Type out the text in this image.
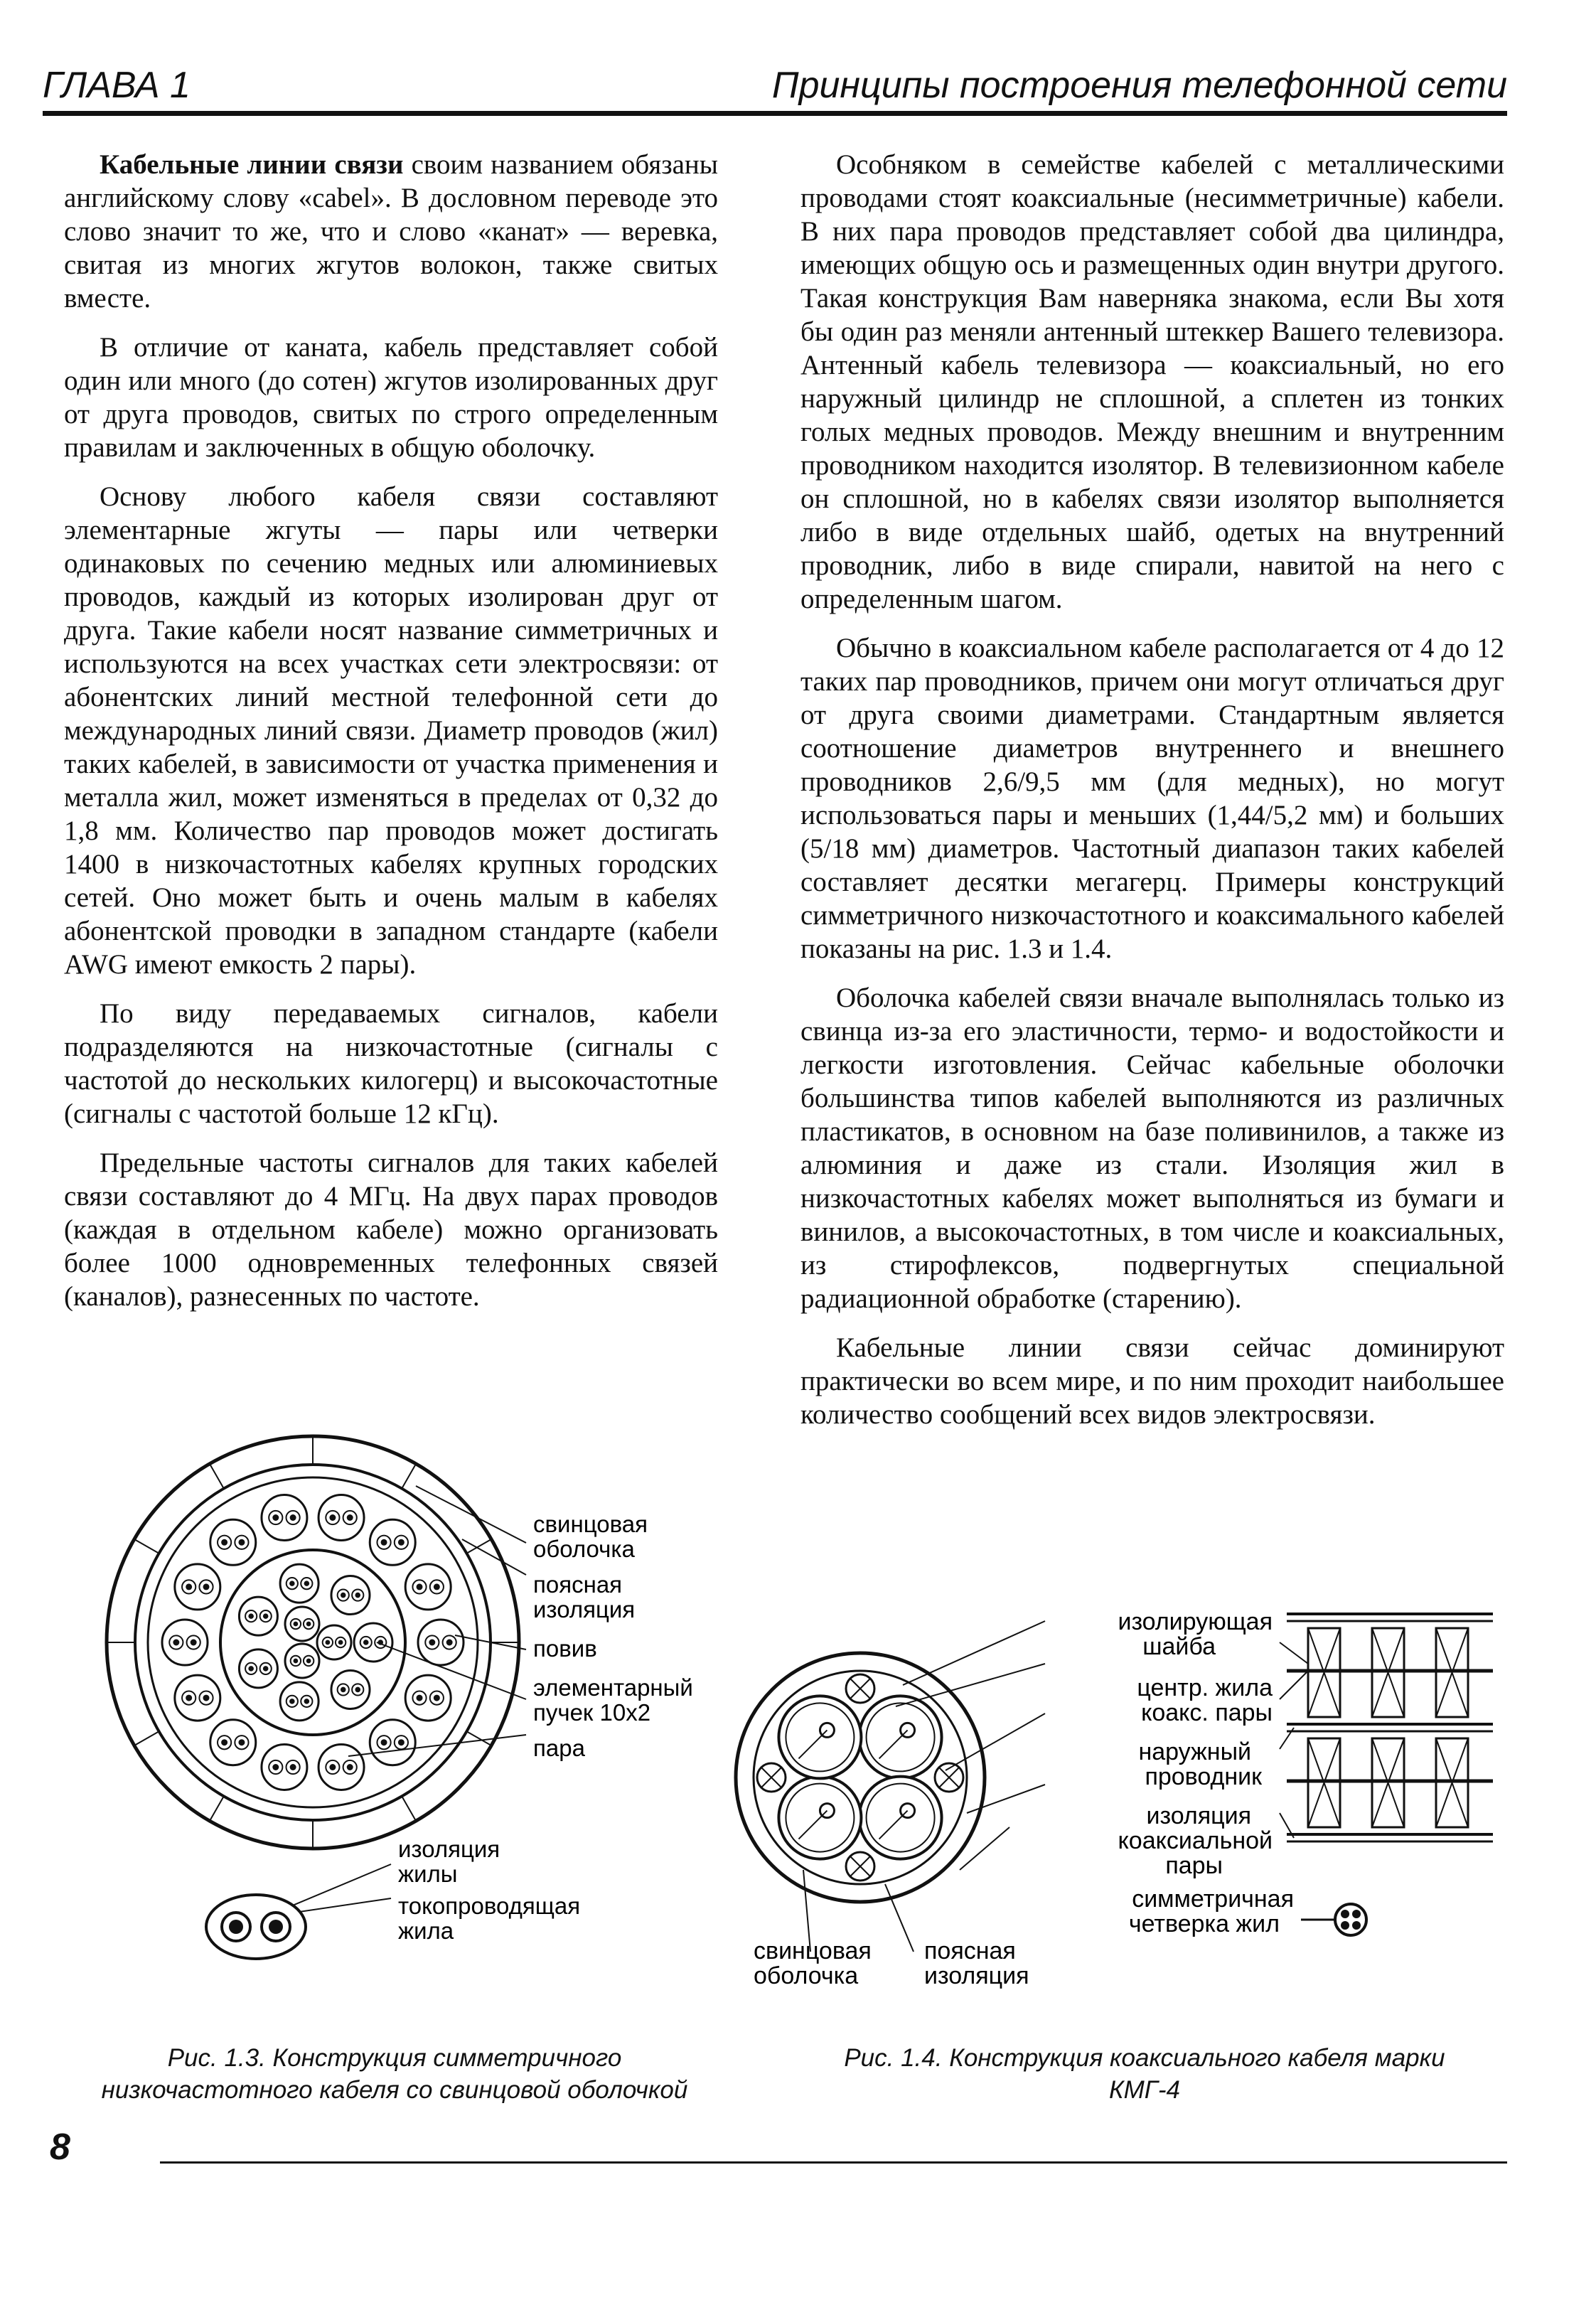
ГЛАВА 1	Принципы построения телефонной сети

Кабельные линии связи своим названием обязаны английскому слову «cabel». В дословном переводе это слово значит то же, что и слово «канат» — веревка, свитая из многих жгутов волокон, также свитых вместе.

В отличие от каната, кабель представляет собой один или много (до сотен) жгутов изолированных друг от друга проводов, свитых по строго определенным правилам и заключенных в общую оболочку.

Основу любого кабеля связи составляют элементарные жгуты — пары или четверки одинаковых по сечению медных или алюминиевых проводов, каждый из которых изолирован друг от друга. Такие кабели носят название симметричных и используются на всех участках сети электросвязи: от абонентских линий местной телефонной сети до международных линий связи. Диаметр проводов (жил) таких кабелей, в зависимости от участка применения и металла жил, может изменяться в пределах от 0,32 до 1,8 мм. Количество пар проводов может достигать 1400 в низкочастотных кабелях крупных городских сетей. Оно может быть и очень малым в кабелях абонентской проводки в западном стандарте (кабели AWG имеют емкость 2 пары).

По виду передаваемых сигналов, кабели подразделяются на низкочастотные (сигналы с частотой до нескольких килогерц) и высокочастотные (сигналы с частотой больше 12 кГц).

Предельные частоты сигналов для таких кабелей связи составляют до 4 МГц. На двух парах проводов (каждая в отдельном кабеле) можно организовать более 1000 одновременных телефонных связей (каналов), разнесенных по частоте.

Особняком в семействе кабелей с металлическими проводами стоят коаксиальные (несимметричные) кабели. В них пара проводов представляет собой два цилиндра, имеющих общую ось и размещенных один внутри другого. Такая конструкция Вам наверняка знакома, если Вы хотя бы один раз меняли антенный штеккер Вашего телевизора. Антенный кабель телевизора — коаксиальный, но его наружный цилиндр не сплошной, а сплетен из тонких голых медных проводов. Между внешним и внутренним проводником находится изолятор. В телевизионном кабеле он сплошной, но в кабелях связи изолятор выполняется либо в виде отдельных шайб, одетых на внутренний проводник, либо в виде спирали, навитой на него с определенным шагом.

Обычно в коаксиальном кабеле располагается от 4 до 12 таких пар проводников, причем они могут отличаться друг от друга своими диаметрами. Стандартным является соотношение диаметров внутреннего и внешнего проводников 2,6/9,5 мм (для медных), но могут использоваться пары и меньших (1,44/5,2 мм) и больших (5/18 мм) диаметров. Частотный диапазон таких кабелей составляет десятки мегагерц. Примеры конструкций симметричного низкочастотного и коаксимального кабелей показаны на рис. 1.3 и 1.4.

Оболочка кабелей связи вначале выполнялась только из свинца из-за его эластичности, термо- и водостойкости и легкости изготовления. Сейчас кабельные оболочки большинства типов кабелей выполняются из различных пластикатов, в основном на базе поливинилов, а также из алюминия и даже из стали. Изоляция жил в низкочастотных кабелях может выполняться из бумаги и винилов, а высокочастотных, в том числе и коаксиальных, из стирофлексов, подвергнутых специальной радиационной обработке (старению).

Кабельные линии связи сейчас доминируют практически во всем мире, и по ним проходит наибольшее количество сообщений всех видов электросвязи.

свинцовая
оболочка
поясная
изоляция
повив
элементарный
пучек 10x2
пара
изоляция
жилы
токопроводящая
жила
Рис. 1.3. Конструкция симметричного
низкочастотного кабеля со свинцовой оболочкой
изолирующая
шайба
центр. жила
коакс. пары
наружный
проводник
изоляция
коаксиальной
пары
симметричная
четверка жил
свинцовая
оболочка
поясная
изоляция
Рис. 1.4. Конструкция коаксиального кабеля марки
КМГ-4
8
